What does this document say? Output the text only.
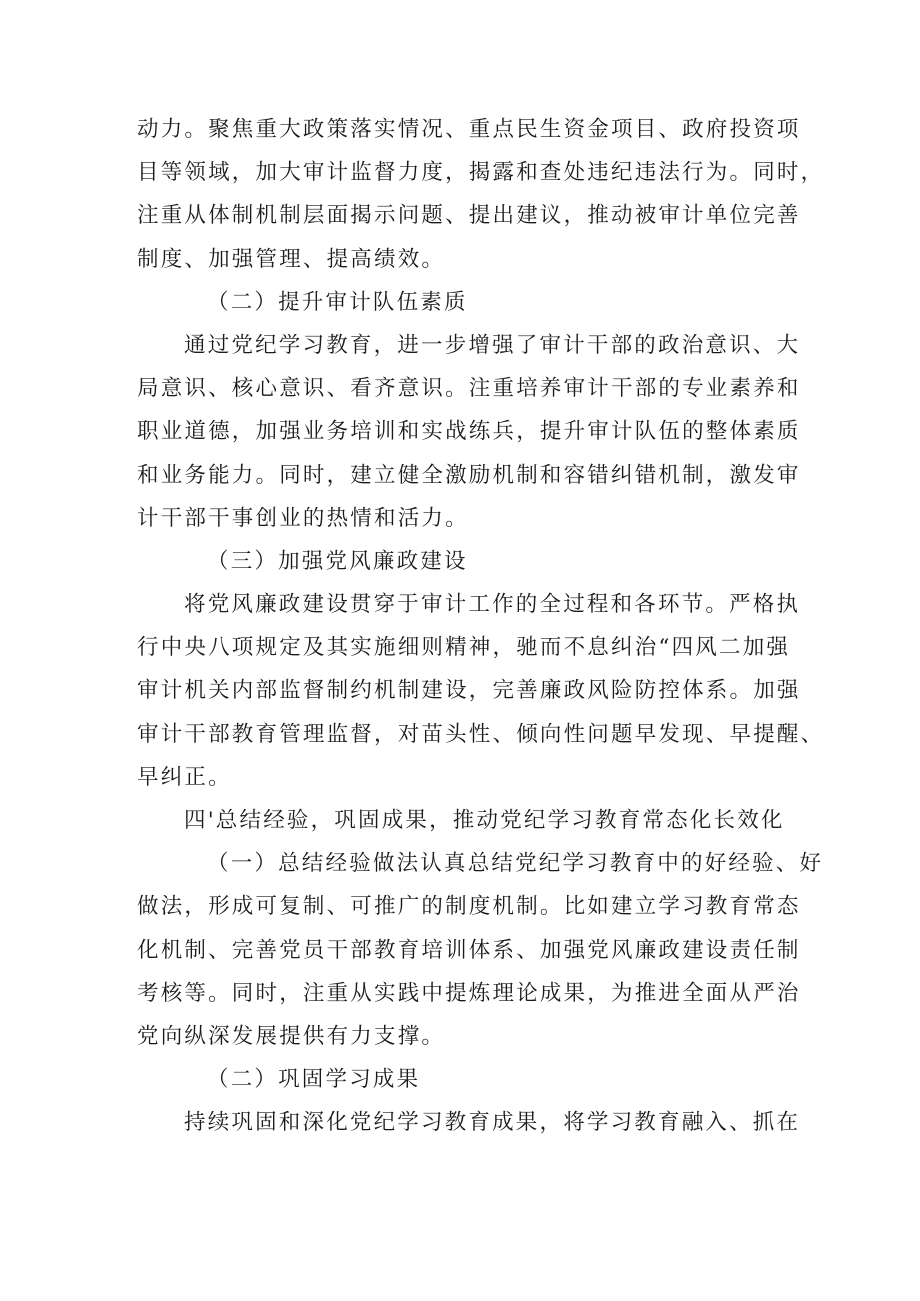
动力。聚焦重大政策落实情况、重点民生资金项目、政府投资项
目等领域，加大审计监督力度，揭露和查处违纪违法行为。同时，
注重从体制机制层面揭示问题、提出建议，推动被审计单位完善
制度、加强管理、提高绩效。
（二）提升审计队伍素质
通过党纪学习教育，进一步增强了审计干部的政治意识、大
局意识、核心意识、看齐意识。注重培养审计干部的专业素养和
职业道德，加强业务培训和实战练兵，提升审计队伍的整体素质
和业务能力。同时，建立健全激励机制和容错纠错机制，激发审
计干部干事创业的热情和活力。
（三）加强党风廉政建设
将党风廉政建设贯穿于审计工作的全过程和各环节。严格执
行中央八项规定及其实施细则精神，驰而不息纠治“四风二加强
审计机关内部监督制约机制建设，完善廉政风险防控体系。加强
审计干部教育管理监督，对苗头性、倾向性问题早发现、早提醒、
早纠正。
四'总结经验，巩固成果，推动党纪学习教育常态化长效化
（一）总结经验做法认真总结党纪学习教育中的好经验、好
做法，形成可复制、可推广的制度机制。比如建立学习教育常态
化机制、完善党员干部教育培训体系、加强党风廉政建设责任制
考核等。同时，注重从实践中提炼理论成果，为推进全面从严治
党向纵深发展提供有力支撑。
（二）巩固学习成果
持续巩固和深化党纪学习教育成果，将学习教育融入、抓在
